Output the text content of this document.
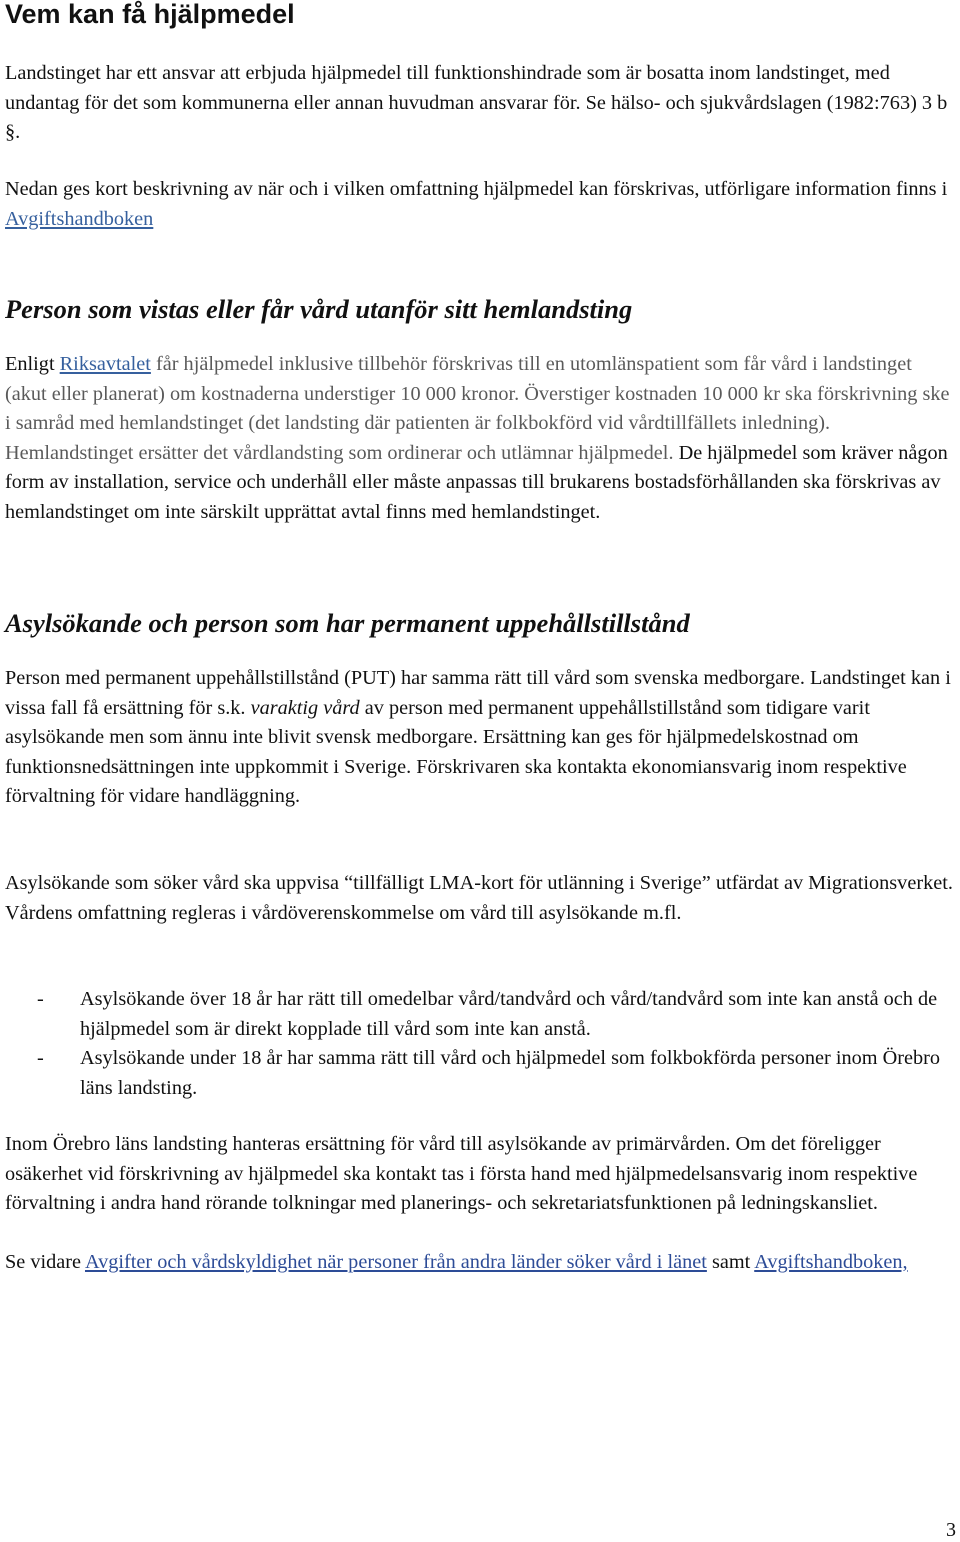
Vem kan få hjälpmedel

Landstinget har ett ansvar att erbjuda hjälpmedel till funktionshindrade som är bosatta inom landstinget, med undantag för det som kommunerna eller annan huvudman ansvarar för. Se hälso- och sjukvårdslagen (1982:763) 3 b §.

Nedan ges kort beskrivning av när och i vilken omfattning hjälpmedel kan förskrivas, utförligare information finns i Avgiftshandboken

Person som vistas eller får vård utanför sitt hemlandsting

Enligt Riksavtalet får hjälpmedel inklusive tillbehör förskrivas till en utomlänspatient som får vård i landstinget (akut eller planerat) om kostnaderna understiger 10 000 kronor. Överstiger kostnaden 10 000 kr ska förskrivning ske i samråd med hemlandstinget (det landsting där patienten är folkbokförd vid vårdtillfällets inledning). Hemlandstinget ersätter det vårdlandsting som ordinerar och utlämnar hjälpmedel. De hjälpmedel som kräver någon form av installation, service och underhåll eller måste anpassas till brukarens bostadsförhållanden ska förskrivas av hemlandstinget om inte särskilt upprättat avtal finns med hemlandstinget.

Asylsökande och person som har permanent uppehållstillstånd

Person med permanent uppehållstillstånd (PUT) har samma rätt till vård som svenska medborgare. Landstinget kan i vissa fall få ersättning för s.k. varaktig vård av person med permanent uppehållstillstånd som tidigare varit asylsökande men som ännu inte blivit svensk medborgare. Ersättning kan ges för hjälpmedelskostnad om funktionsnedsättningen inte uppkommit i Sverige. Förskrivaren ska kontakta ekonomiansvarig inom respektive förvaltning för vidare handläggning.

Asylsökande som söker vård ska uppvisa “tillfälligt LMA-kort för utlänning i Sverige” utfärdat av Migrationsverket. Vårdens omfattning regleras i vårdöverenskommelse om vård till asylsökande m.fl.

- Asylsökande över 18 år har rätt till omedelbar vård/tandvård och vård/tandvård som inte kan anstå och de hjälpmedel som är direkt kopplade till vård som inte kan anstå.
- Asylsökande under 18 år har samma rätt till vård och hjälpmedel som folkbokförda personer inom Örebro läns landsting.

Inom Örebro läns landsting hanteras ersättning för vård till asylsökande av primärvården. Om det föreligger osäkerhet vid förskrivning av hjälpmedel ska kontakt tas i första hand med hjälpmedelsansvarig inom respektive förvaltning i andra hand rörande tolkningar med planerings- och sekretariatsfunktionen på ledningskansliet.

Se vidare Avgifter och vårdskyldighet när personer från andra länder söker vård i länet samt Avgiftshandboken,

3
